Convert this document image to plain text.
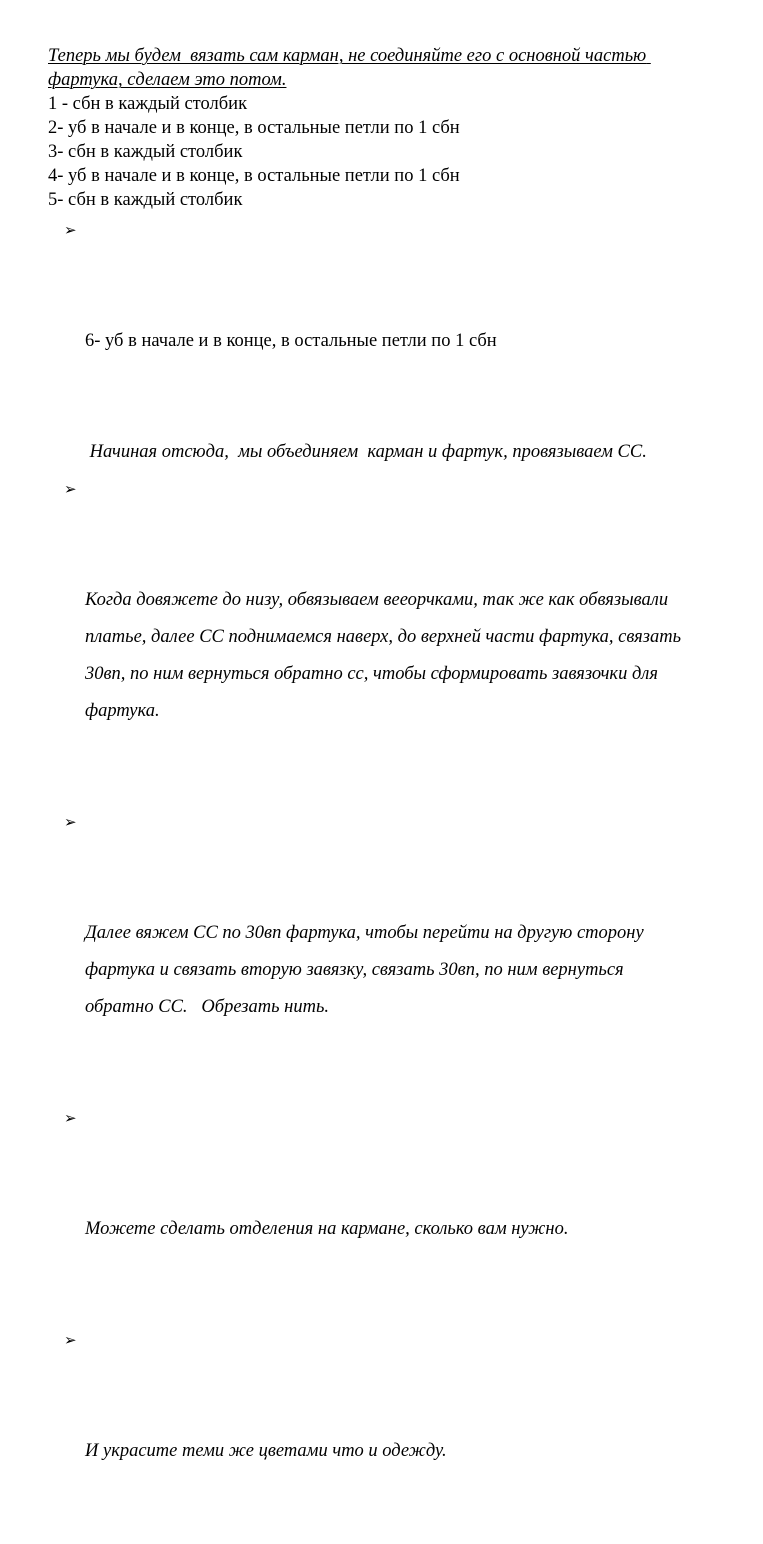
Теперь мы будем  вязать сам карман, не соединяйте его с основной частью фартука, сделаем это потом.

1 - сбн в каждый столбик
2- уб в начале и в конце, в остальные петли по 1 сбн
3- сбн в каждый столбик
4- уб в начале и в конце, в остальные петли по 1 сбн
5- сбн в каждый столбик

➢

6- уб в начале и в конце, в остальные петли по 1 сбн

Начиная отсюда,  мы объединяем  карман и фартук, провязываем СС.

➢

Когда довяжете до низу, обвязываем вееорчками, так же как обвязывали платье, далее СС поднимаемся наверх, до верхней части фартука, связать 30вп, по ним вернуться обратно сс, чтобы сформировать завязочки для фартука.

➢

Далее вяжем СС по 30вп фартука, чтобы перейти на другую сторону фартука и связать вторую завязку, связать 30вп, по ним вернуться обратно СС.   Обрезать нить.

➢

Можете сделать отделения на кармане, сколько вам нужно.

➢

И украсите теми же цветами что и одежду.
